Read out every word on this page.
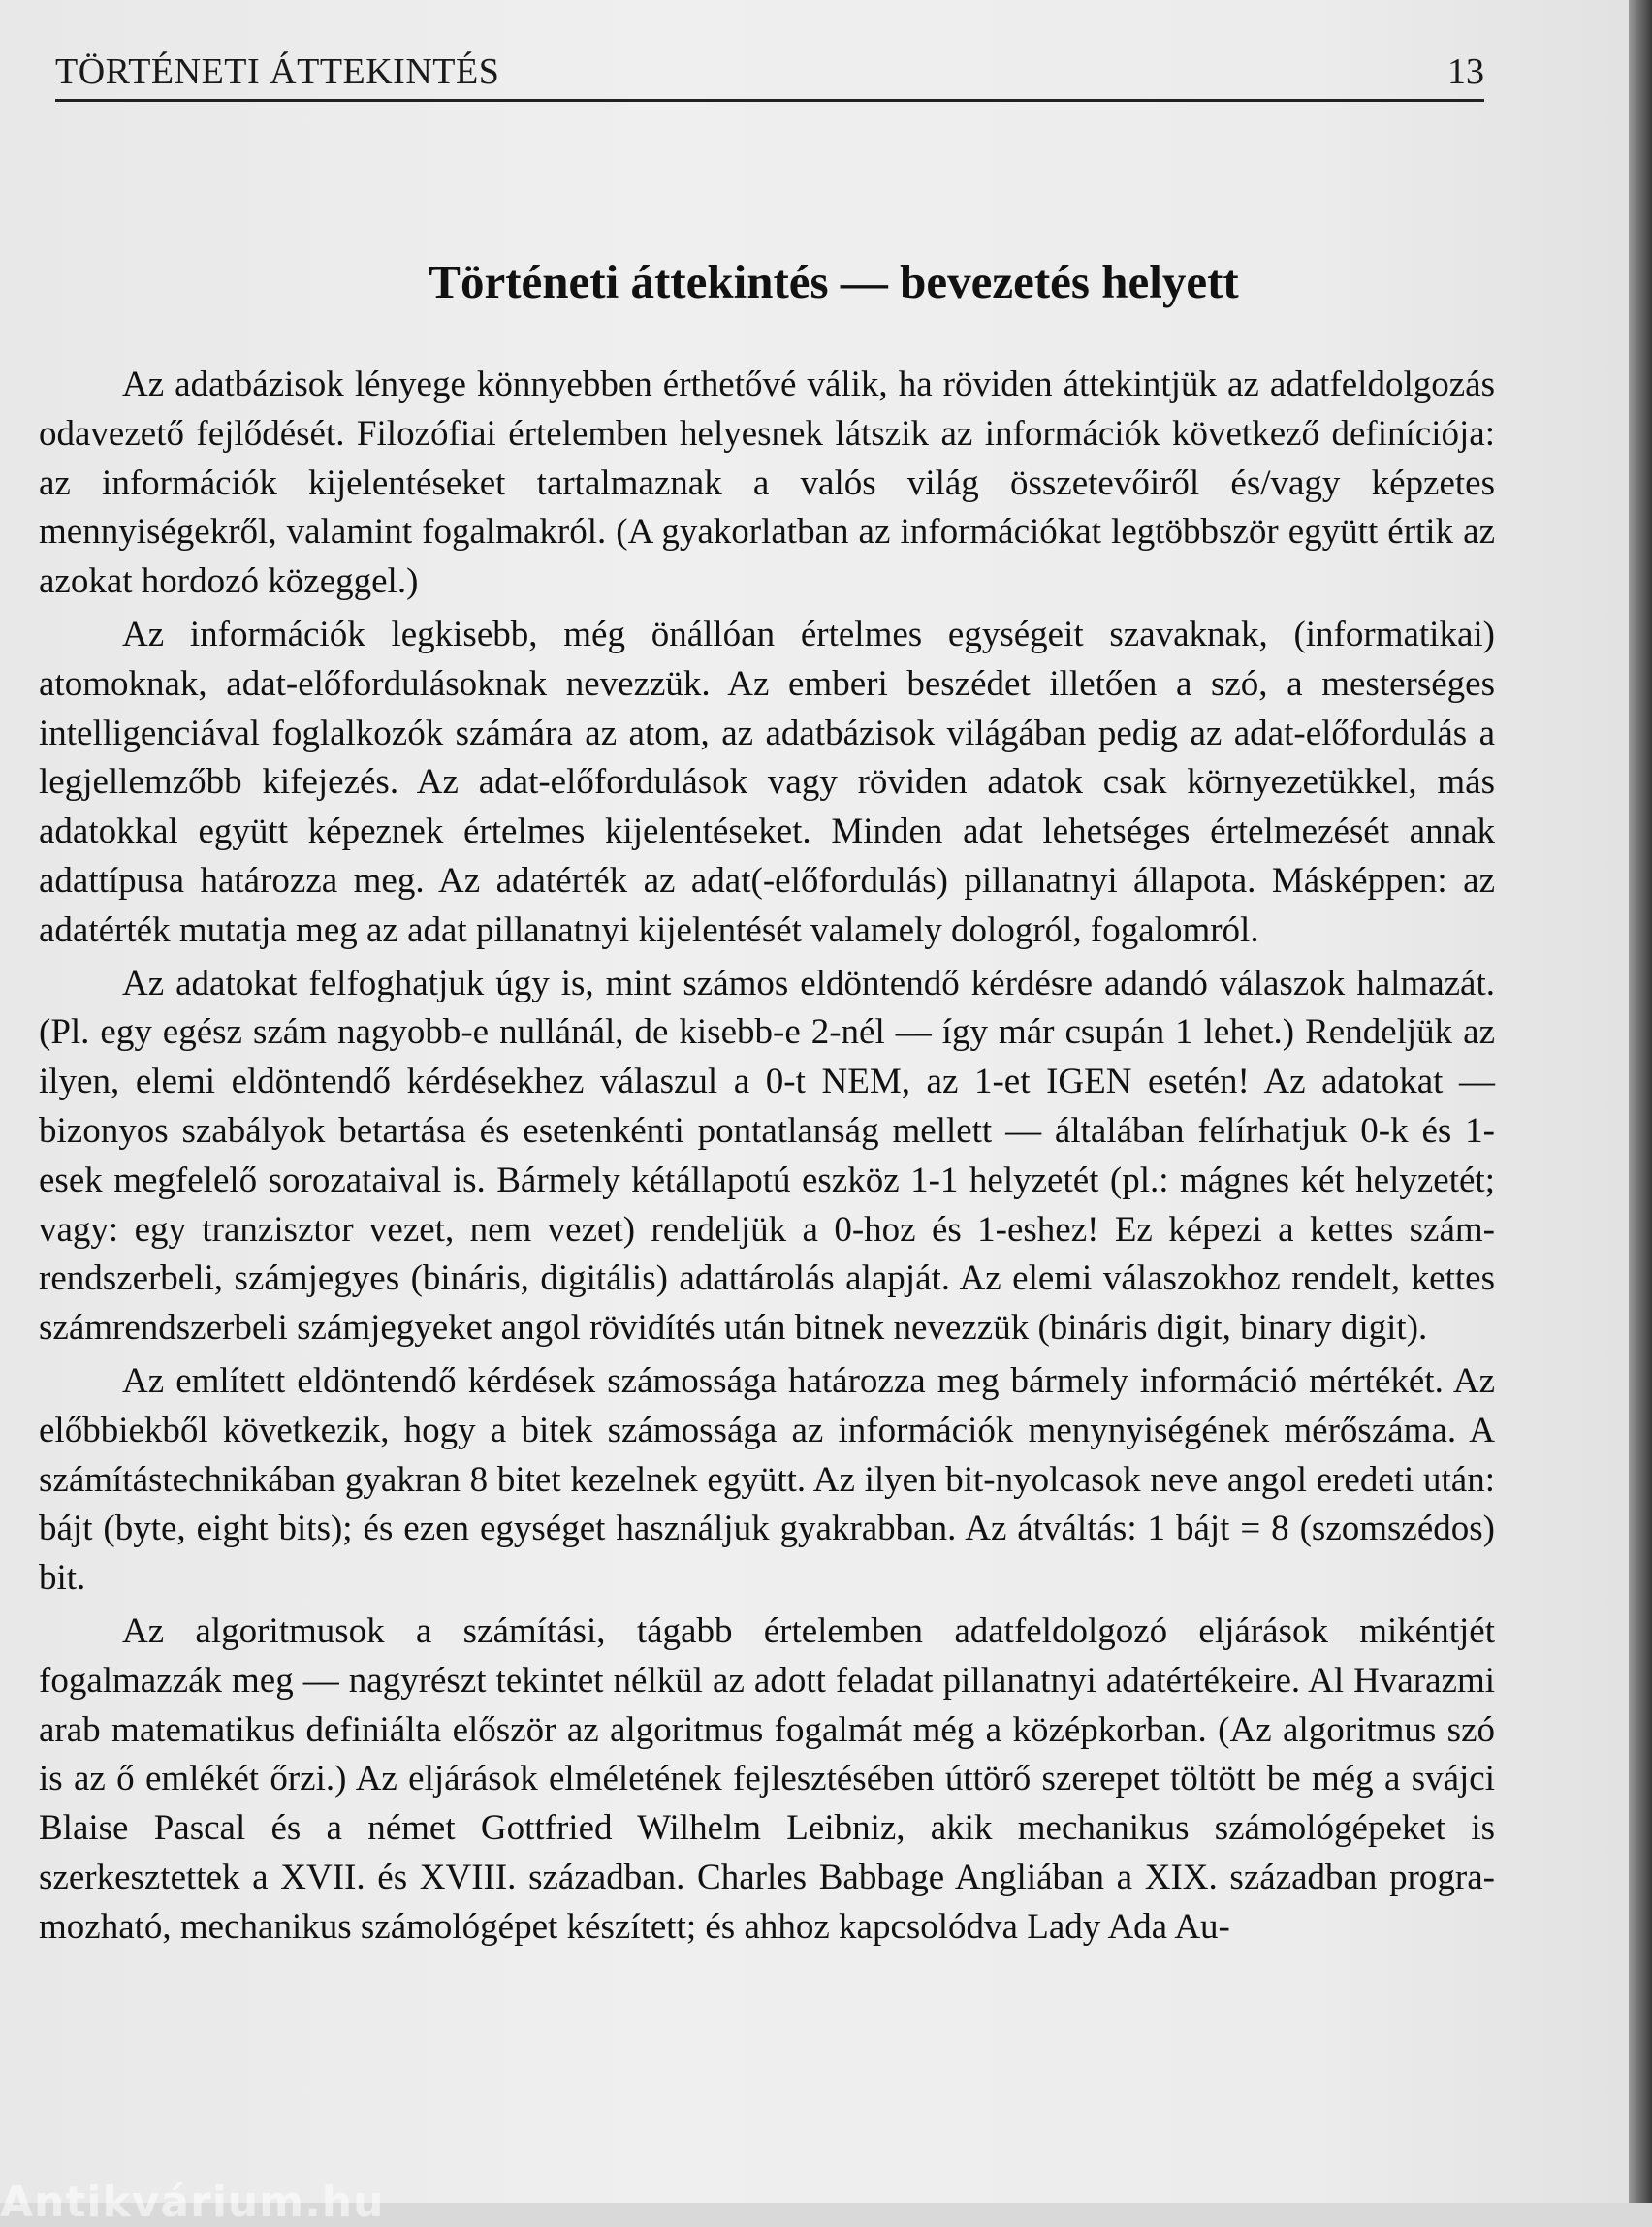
TÖRTÉNETI ÁTTEKINTÉS	13
Történeti áttekintés — bevezetés helyett

Az adatbázisok lényege könnyebben érthetővé válik, ha röviden áttekintjük az adatfeldolgozás odavezető fejlődését. Filozófiai értelemben helyesnek látszik az információk következő definíciója: az információk kijelentéseket tartalmaznak a valós világ összetevőiről és/vagy képzetes mennyiségekről, valamint fogalmakról. (A gyakorlatban az információkat legtöbbször együtt értik az azokat hordozó közeggel.)

Az információk legkisebb, még önállóan értelmes egységeit szavaknak, (informatikai) atomoknak, adat-előfordulásoknak nevezzük. Az emberi beszédet illetően a szó, a mesterséges intelligenciával foglalkozók számára az atom, az adatbázisok világában pedig az adat-előfordulás a legjellemzőbb kifejezés. Az adat-előfordulások vagy röviden adatok csak környezetükkel, más adatokkal együtt képeznek értelmes kijelentéseket. Minden adat lehetséges értelmezését annak adattípusa határozza meg. Az adatérték az adat(-előfordulás) pillanatnyi állapota. Másképpen: az adatérték mutatja meg az adat pillanatnyi kijelentését valamely dologról, fogalomról.

Az adatokat felfoghatjuk úgy is, mint számos eldöntendő kérdésre adandó válaszok halmazát. (Pl. egy egész szám nagyobb-e nullánál, de kisebb-e 2-nél — így már csupán 1 lehet.) Rendeljük az ilyen, elemi eldöntendő kérdésekhez válaszul a 0-t NEM, az 1-et IGEN esetén! Az adatokat — bizonyos szabályok betartása és esetenkénti pontatlanság mellett — általában felírhatjuk 0-k és 1-esek megfelelő sorozataival is. Bármely kétállapotú eszköz 1-1 helyzetét (pl.: mágnes két helyzetét; vagy: egy tranzisztor vezet, nem vezet) rendeljük a 0-hoz és 1-eshez! Ez képezi a kettes számrendszerbeli, számjegyes (bináris, digitális) adattárolás alapját. Az elemi válaszokhoz rendelt, kettes számrendszerbeli számjegyeket angol rövidítés után bitnek nevezzük (bináris digit, binary digit).

Az említett eldöntendő kérdések számossága határozza meg bármely információ mértékét. Az előbbiekből következik, hogy a bitek számossága az információk menynyiségének mérőszáma. A számítástechnikában gyakran 8 bitet kezelnek együtt. Az ilyen bit-nyolcasok neve angol eredeti után: bájt (byte, eight bits); és ezen egységet használjuk gyakrabban. Az átváltás: 1 bájt = 8 (szomszédos) bit.

Az algoritmusok a számítási, tágabb értelemben adatfeldolgozó eljárások mikéntjét fogalmazzák meg — nagyrészt tekintet nélkül az adott feladat pillanatnyi adatértékeire. Al Hvarazmi arab matematikus definiálta először az algoritmus fogalmát még a középkorban. (Az algoritmus szó is az ő emlékét őrzi.) Az eljárások elméletének fejlesztésében úttörő szerepet töltött be még a svájci Blaise Pascal és a német Gottfried Wilhelm Leibniz, akik mechanikus számológépeket is szerkesztettek a XVII. és XVIII. században. Charles Babbage Angliában a XIX. században programozható, mechanikus számológépet készített; és ahhoz kapcsolódva Lady Ada Au-

Antikvárium.hu
